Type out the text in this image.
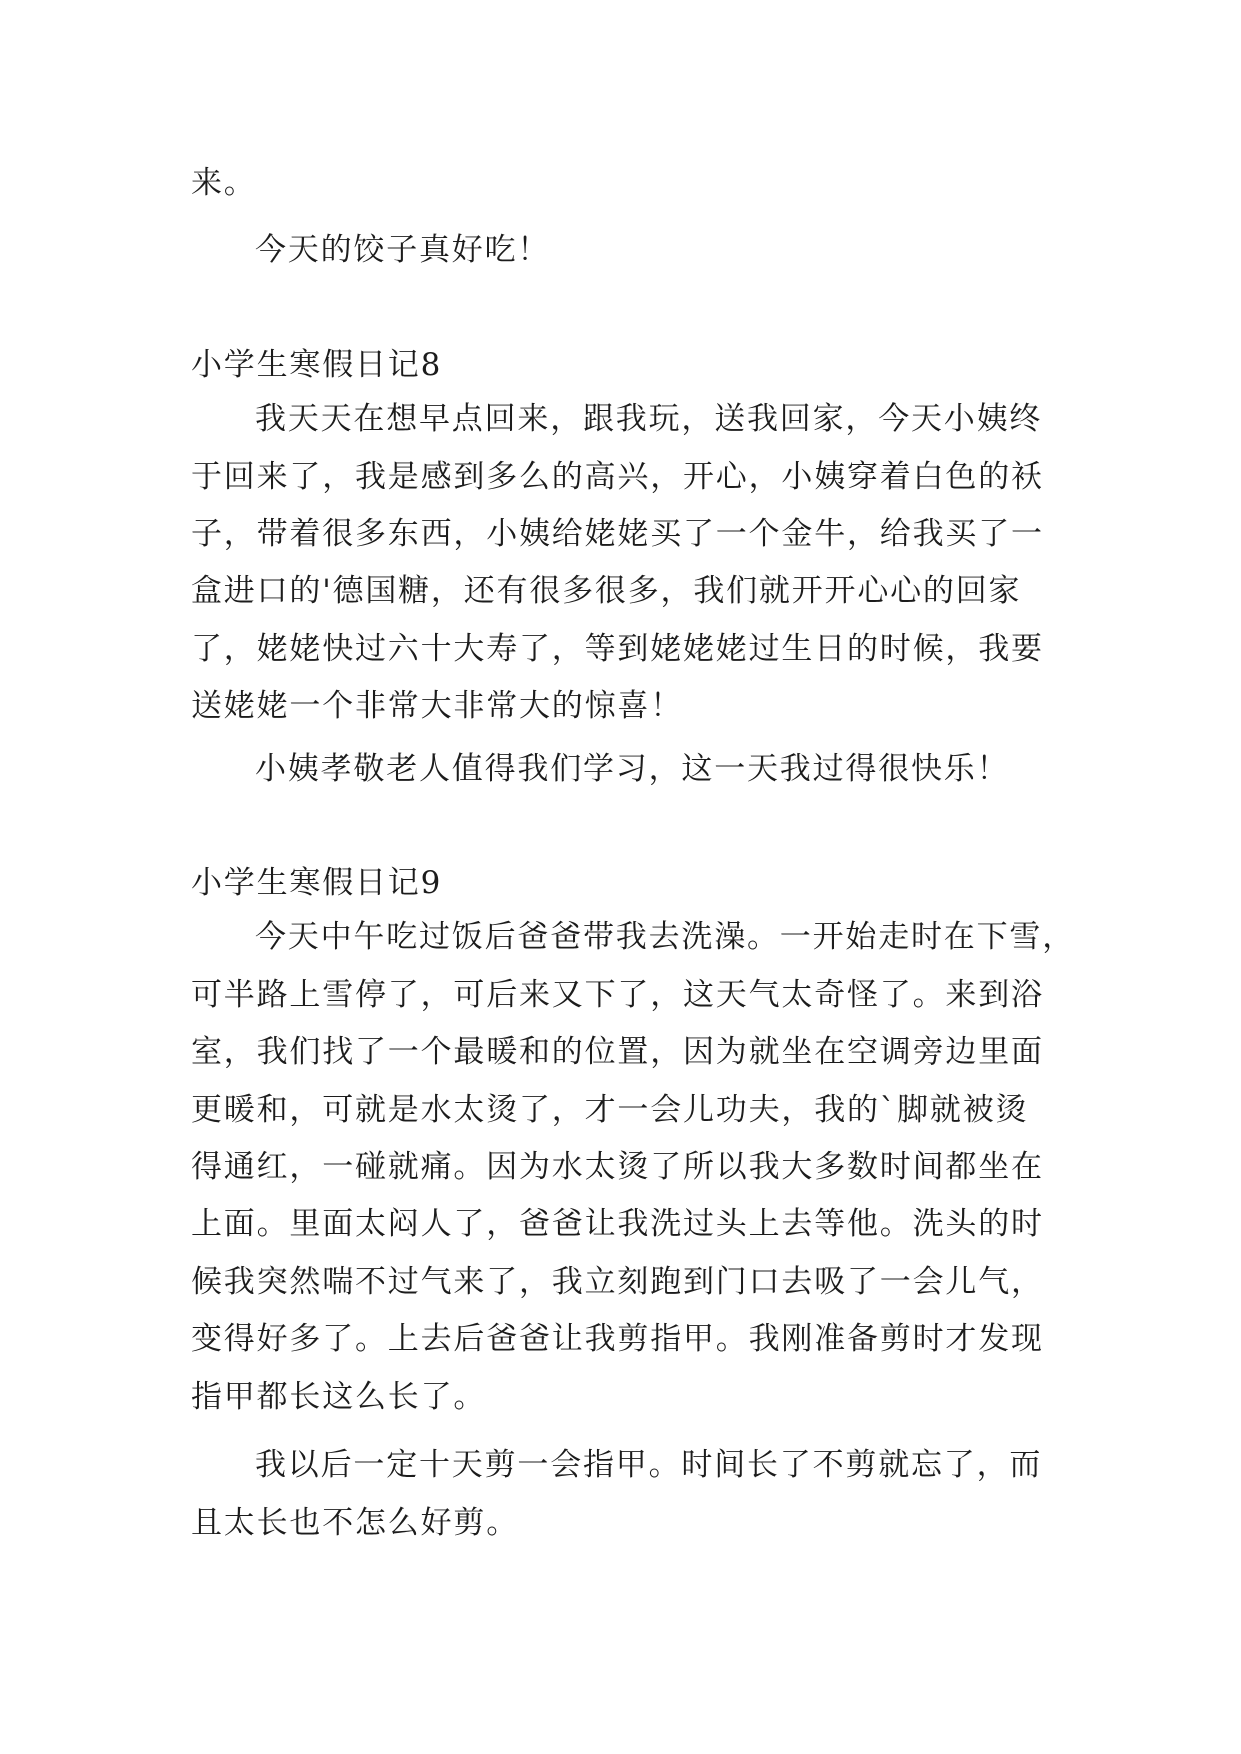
来。
今天的饺子真好吃！
小学生寒假日记8
我天天在想早点回来，跟我玩，送我回家，今天小姨终
于回来了，我是感到多么的高兴，开心，小姨穿着白色的袄
子，带着很多东西，小姨给姥姥买了一个金牛，给我买了一
盒进口的'德国糖，还有很多很多，我们就开开心心的回家
了，姥姥快过六十大寿了，等到姥姥姥过生日的时候，我要
送姥姥一个非常大非常大的惊喜！
小姨孝敬老人值得我们学习，这一天我过得很快乐！
小学生寒假日记9
今天中午吃过饭后爸爸带我去洗澡。一开始走时在下雪，
可半路上雪停了，可后来又下了，这天气太奇怪了。来到浴
室，我们找了一个最暖和的位置，因为就坐在空调旁边里面
更暖和，可就是水太烫了，才一会儿功夫，我的`脚就被烫
得通红，一碰就痛。因为水太烫了所以我大多数时间都坐在
上面。里面太闷人了，爸爸让我洗过头上去等他。洗头的时
候我突然喘不过气来了，我立刻跑到门口去吸了一会儿气，
变得好多了。上去后爸爸让我剪指甲。我刚准备剪时才发现
指甲都长这么长了。
我以后一定十天剪一会指甲。时间长了不剪就忘了，而
且太长也不怎么好剪。
